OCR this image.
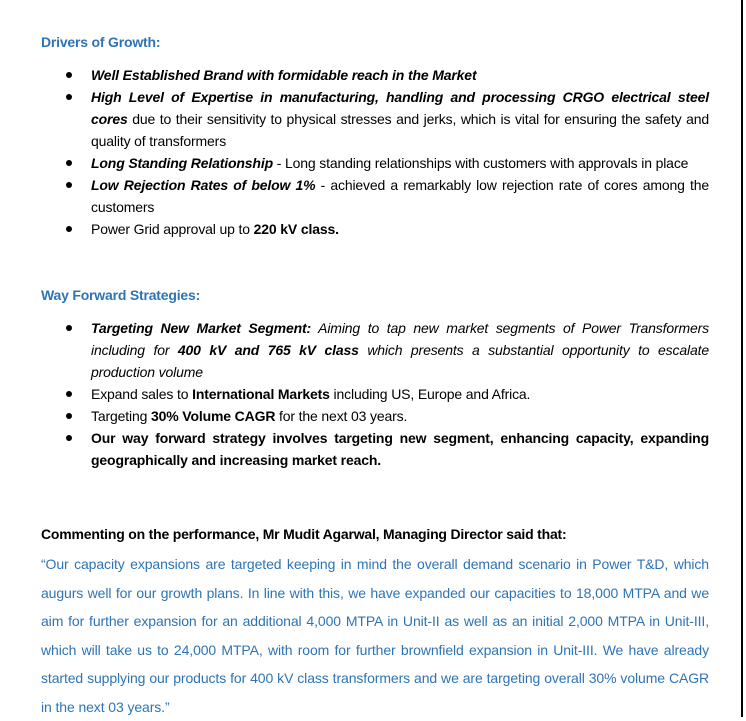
Drivers of Growth:
Well Established Brand with formidable reach in the Market
High Level of Expertise in manufacturing, handling and processing CRGO electrical steel cores due to their sensitivity to physical stresses and jerks, which is vital for ensuring the safety and quality of transformers
Long Standing Relationship - Long standing relationships with customers with approvals in place
Low Rejection Rates of below 1% - achieved a remarkably low rejection rate of cores among the customers
Power Grid approval up to 220 kV class.
Way Forward Strategies:
Targeting New Market Segment: Aiming to tap new market segments of Power Transformers including for 400 kV and 765 kV class which presents a substantial opportunity to escalate production volume
Expand sales to International Markets including US, Europe and Africa.
Targeting 30% Volume CAGR for the next 03 years.
Our way forward strategy involves targeting new segment, enhancing capacity, expanding geographically and increasing market reach.
Commenting on the performance, Mr Mudit Agarwal, Managing Director said that:
“Our capacity expansions are targeted keeping in mind the overall demand scenario in Power T&D, which augurs well for our growth plans. In line with this, we have expanded our capacities to 18,000 MTPA and we aim for further expansion for an additional 4,000 MTPA in Unit-II as well as an initial 2,000 MTPA in Unit-III, which will take us to 24,000 MTPA, with room for further brownfield expansion in Unit-III. We have already started supplying our products for 400 kV class transformers and we are targeting overall 30% volume CAGR in the next 03 years.”
